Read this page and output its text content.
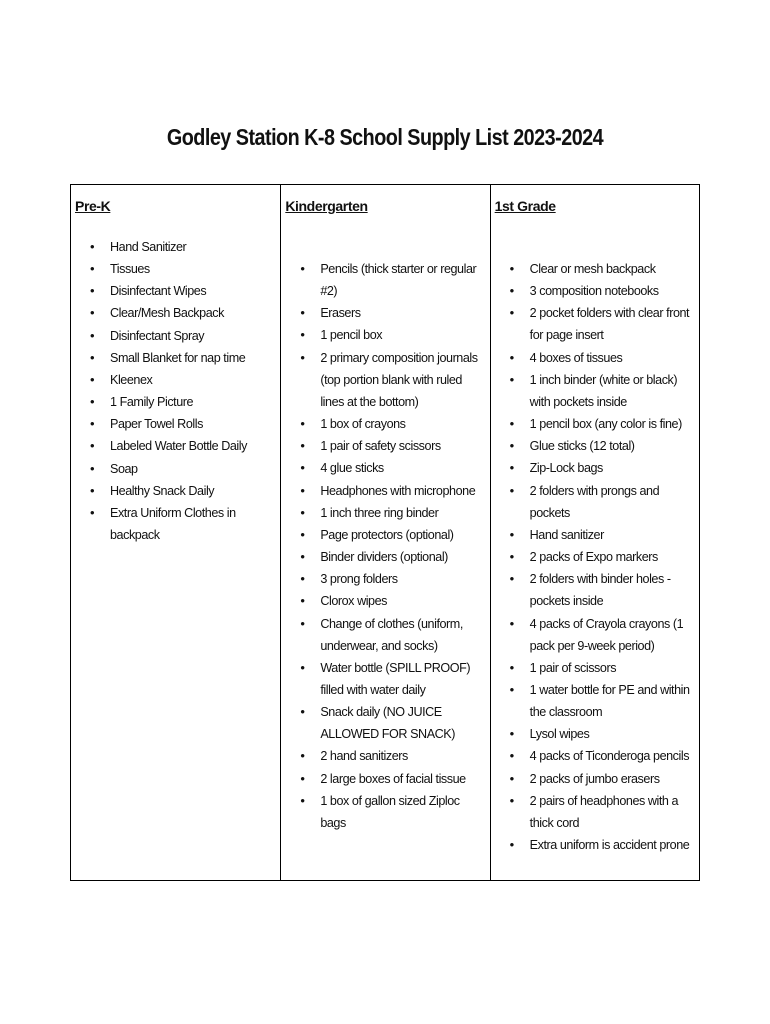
Godley Station K-8 School Supply List 2023-2024
Pre-K
• Hand Sanitizer
• Tissues
• Disinfectant Wipes
• Clear/Mesh Backpack
• Disinfectant Spray
• Small Blanket for nap time
• Kleenex
• 1 Family Picture
• Paper Towel Rolls
• Labeled Water Bottle Daily
• Soap
• Healthy Snack Daily
• Extra Uniform Clothes in backpack
Kindergarten
• Pencils (thick starter or regular #2)
• Erasers
• 1 pencil box
• 2 primary composition journals (top portion blank with ruled lines at the bottom)
• 1 box of crayons
• 1 pair of safety scissors
• 4 glue sticks
• Headphones with microphone
• 1 inch three ring binder
• Page protectors (optional)
• Binder dividers (optional)
• 3 prong folders
• Clorox wipes
• Change of clothes (uniform, underwear, and socks)
• Water bottle (SPILL PROOF) filled with water daily
• Snack daily (NO JUICE ALLOWED FOR SNACK)
• 2 hand sanitizers
• 2 large boxes of facial tissue
• 1 box of gallon sized Ziploc bags
1st Grade
• Clear or mesh backpack
• 3 composition notebooks
• 2 pocket folders with clear front for page insert
• 4 boxes of tissues
• 1 inch binder (white or black) with pockets inside
• 1 pencil box (any color is fine)
• Glue sticks (12 total)
• Zip-Lock bags
• 2 folders with prongs and pockets
• Hand sanitizer
• 2 packs of Expo markers
• 2 folders with binder holes - pockets inside
• 4 packs of Crayola crayons (1 pack per 9-week period)
• 1 pair of scissors
• 1 water bottle for PE and within the classroom
• Lysol wipes
• 4 packs of Ticonderoga pencils
• 2 packs of jumbo erasers
• 2 pairs of headphones with a thick cord
• Extra uniform is accident prone
